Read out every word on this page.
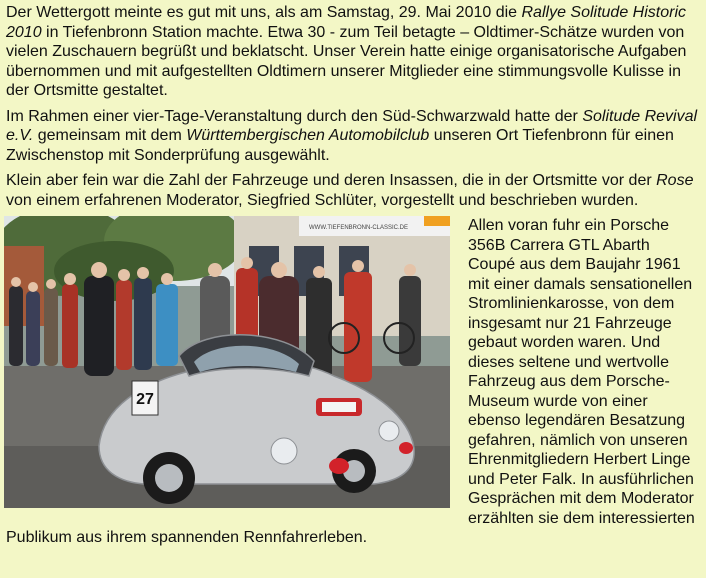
Der Wettergott meinte es gut mit uns, als am Samstag, 29. Mai 2010 die Rallye Solitude Historic 2010 in Tiefenbronn Station machte. Etwa 30 - zum Teil betagte – Oldtimer-Schätze wurden von vielen Zuschauern begrüßt und beklatscht. Unser Verein hatte einige organisatorische Aufgaben übernommen und mit aufgestellten Oldtimern unserer Mitglieder eine stimmungsvolle Kulisse in der Ortsmitte gestaltet.

Im Rahmen einer vier-Tage-Veranstaltung durch den Süd-Schwarzwald hatte der Solitude Revival e.V. gemeinsam mit dem Württembergischen Automobilclub unseren Ort Tiefenbronn für einen Zwischenstop mit Sonderprüfung ausgewählt.

Klein aber fein war die Zahl der Fahrzeuge und deren Insassen, die in der Ortsmitte vor der Rose von einem erfahrenen Moderator, Siegfried Schlüter, vorgestellt und beschrieben wurden.

WWW.TIEFENBRONN-CLASSIC.DE
27

Allen voran fuhr ein Porsche 356B Carrera GTL Abarth Coupé aus dem Baujahr 1961 mit einer damals sensationellen Stromlinienkarosse, von dem insgesamt nur 21 Fahrzeuge gebaut worden waren. Und dieses seltene und wertvolle Fahrzeug aus dem Porsche-Museum wurde von einer ebenso legendären Besatzung gefahren, nämlich von unseren Ehrenmitgliedern Herbert Linge und Peter Falk. In ausführlichen Gesprächen mit dem Moderator erzählten sie dem interessierten Publikum aus ihrem spannenden Rennfahrerleben.
